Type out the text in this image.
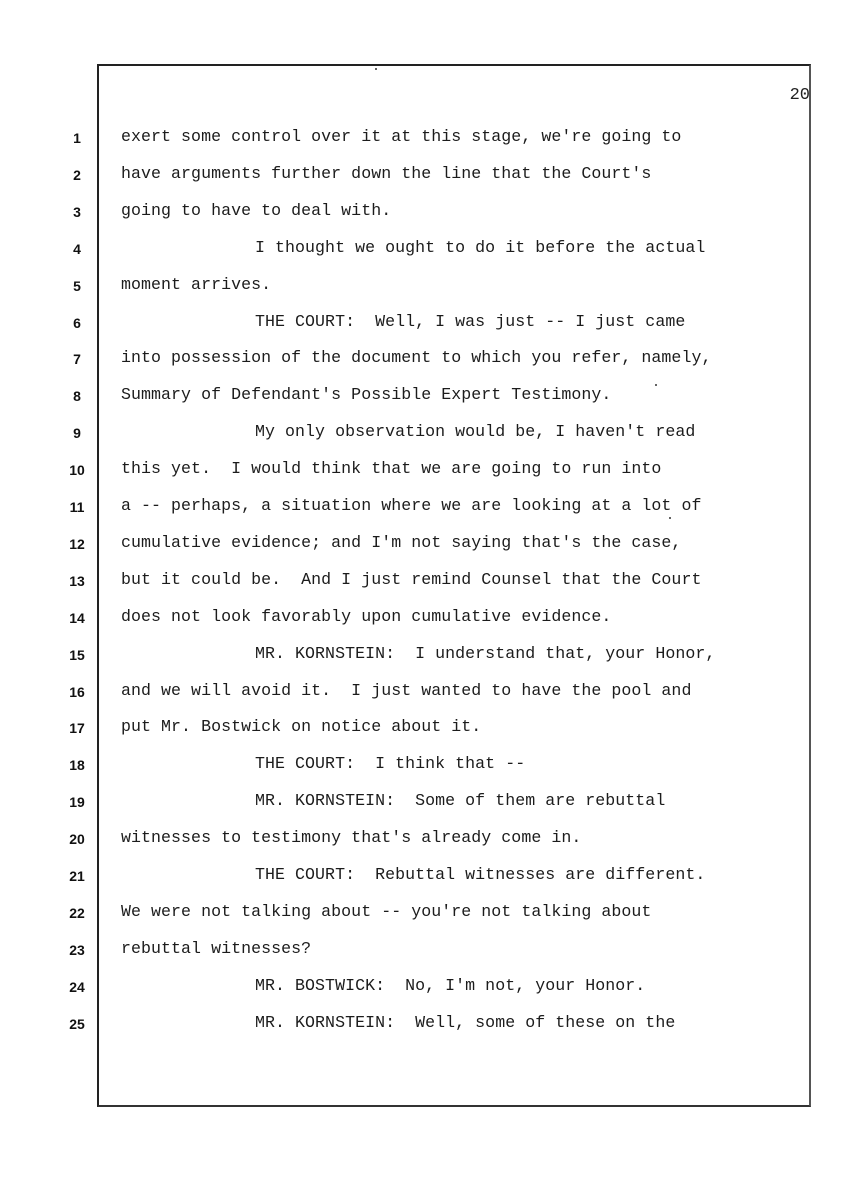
20
1
2
3
4
5
6
7
8
9
10
11
12
13
14
15
16
17
18
19
20
21
22
23
24
25
exert some control over it at this stage, we're going to
have arguments further down the line that the Court's
going to have to deal with.
I thought we ought to do it before the actual
moment arrives.
THE COURT:  Well, I was just -- I just came
into possession of the document to which you refer, namely,
Summary of Defendant's Possible Expert Testimony.
My only observation would be, I haven't read
this yet.  I would think that we are going to run into
a -- perhaps, a situation where we are looking at a lot of
cumulative evidence; and I'm not saying that's the case,
but it could be.  And I just remind Counsel that the Court
does not look favorably upon cumulative evidence.
MR. KORNSTEIN:  I understand that, your Honor,
and we will avoid it.  I just wanted to have the pool and
put Mr. Bostwick on notice about it.
THE COURT:  I think that --
MR. KORNSTEIN:  Some of them are rebuttal
witnesses to testimony that's already come in.
THE COURT:  Rebuttal witnesses are different.
We were not talking about -- you're not talking about
rebuttal witnesses?
MR. BOSTWICK:  No, I'm not, your Honor.
MR. KORNSTEIN:  Well, some of these on the
